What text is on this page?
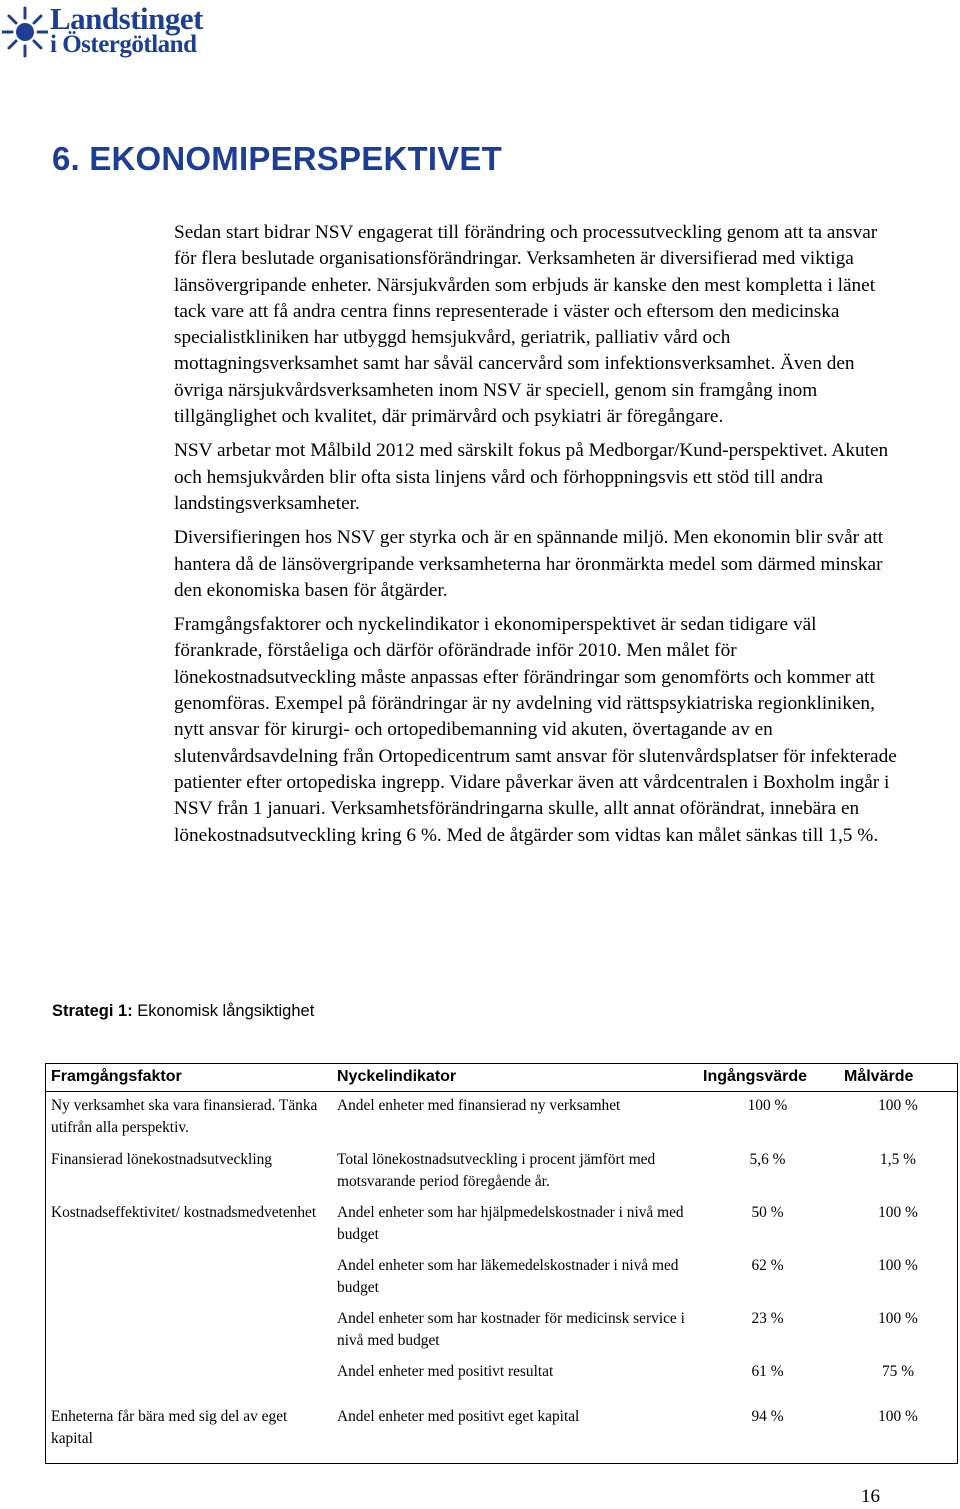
Landstinget
i Östergötland
6. EKONOMIPERSPEKTIVET

Sedan start bidrar NSV engagerat till förändring och processutveckling genom att ta ansvar för flera beslutade organisationsförändringar. Verksamheten är diversifierad med viktiga länsövergripande enheter. Närsjukvården som erbjuds är kanske den mest kompletta i länet tack vare att få andra centra finns representerade i väster och eftersom den medicinska specialistkliniken har utbyggd hemsjukvård, geriatrik, palliativ vård och mottagningsverksamhet samt har såväl cancervård som infektionsverksamhet. Även den övriga närsjukvårdsverksamheten inom NSV är speciell, genom sin framgång inom tillgänglighet och kvalitet, där primärvård och psykiatri är föregångare.

NSV arbetar mot Målbild 2012 med särskilt fokus på Medborgar/Kund-perspektivet. Akuten och hemsjukvården blir ofta sista linjens vård och förhoppningsvis ett stöd till andra landstingsverksamheter.

Diversifieringen hos NSV ger styrka och är en spännande miljö. Men ekonomin blir svår att hantera då de länsövergripande verksamheterna har öronmärkta medel som därmed minskar den ekonomiska basen för åtgärder.

Framgångsfaktorer och nyckelindikator i ekonomiperspektivet är sedan tidigare väl förankrade, förståeliga och därför oförändrade inför 2010. Men målet för lönekostnadsutveckling måste anpassas efter förändringar som genomförts och kommer att genomföras. Exempel på förändringar är ny avdelning vid rättspsykiatriska regionkliniken, nytt ansvar för kirurgi- och ortopedibemanning vid akuten, övertagande av en slutenvårdsavdelning från Ortopedicentrum samt ansvar för slutenvårdsplatser för infekterade patienter efter ortopediska ingrepp. Vidare påverkar även att vårdcentralen i Boxholm ingår i NSV från 1 januari. Verksamhetsförändringarna skulle, allt annat oförändrat, innebära en lönekostnadsutveckling kring 6 %. Med de åtgärder som vidtas kan målet sänkas till 1,5 %.

Strategi 1: Ekonomisk långsiktighet
Framgångsfaktor	Nyckelindikator	Ingångsvärde	Målvärde
Ny verksamhet ska vara finansierad. Tänka utifrån alla perspektiv.	Andel enheter med finansierad ny verksamhet	100 %	100 %
Finansierad lönekostnadsutveckling	Total lönekostnadsutveckling i procent jämfört med motsvarande period föregående år.	5,6 %	1,5 %
Kostnadseffektivitet/ kostnadsmedvetenhet	Andel enheter som har hjälpmedelskostnader i nivå med budget	50 %	100 %
	Andel enheter som har läkemedelskostnader i nivå med budget	62 %	100 %
	Andel enheter som har kostnader för medicinsk service i nivå med budget	23 %	100 %
	Andel enheter med positivt resultat	61 %	75 %
Enheterna får bära med sig del av eget kapital	Andel enheter med positivt eget kapital	94 %	100 %
16
